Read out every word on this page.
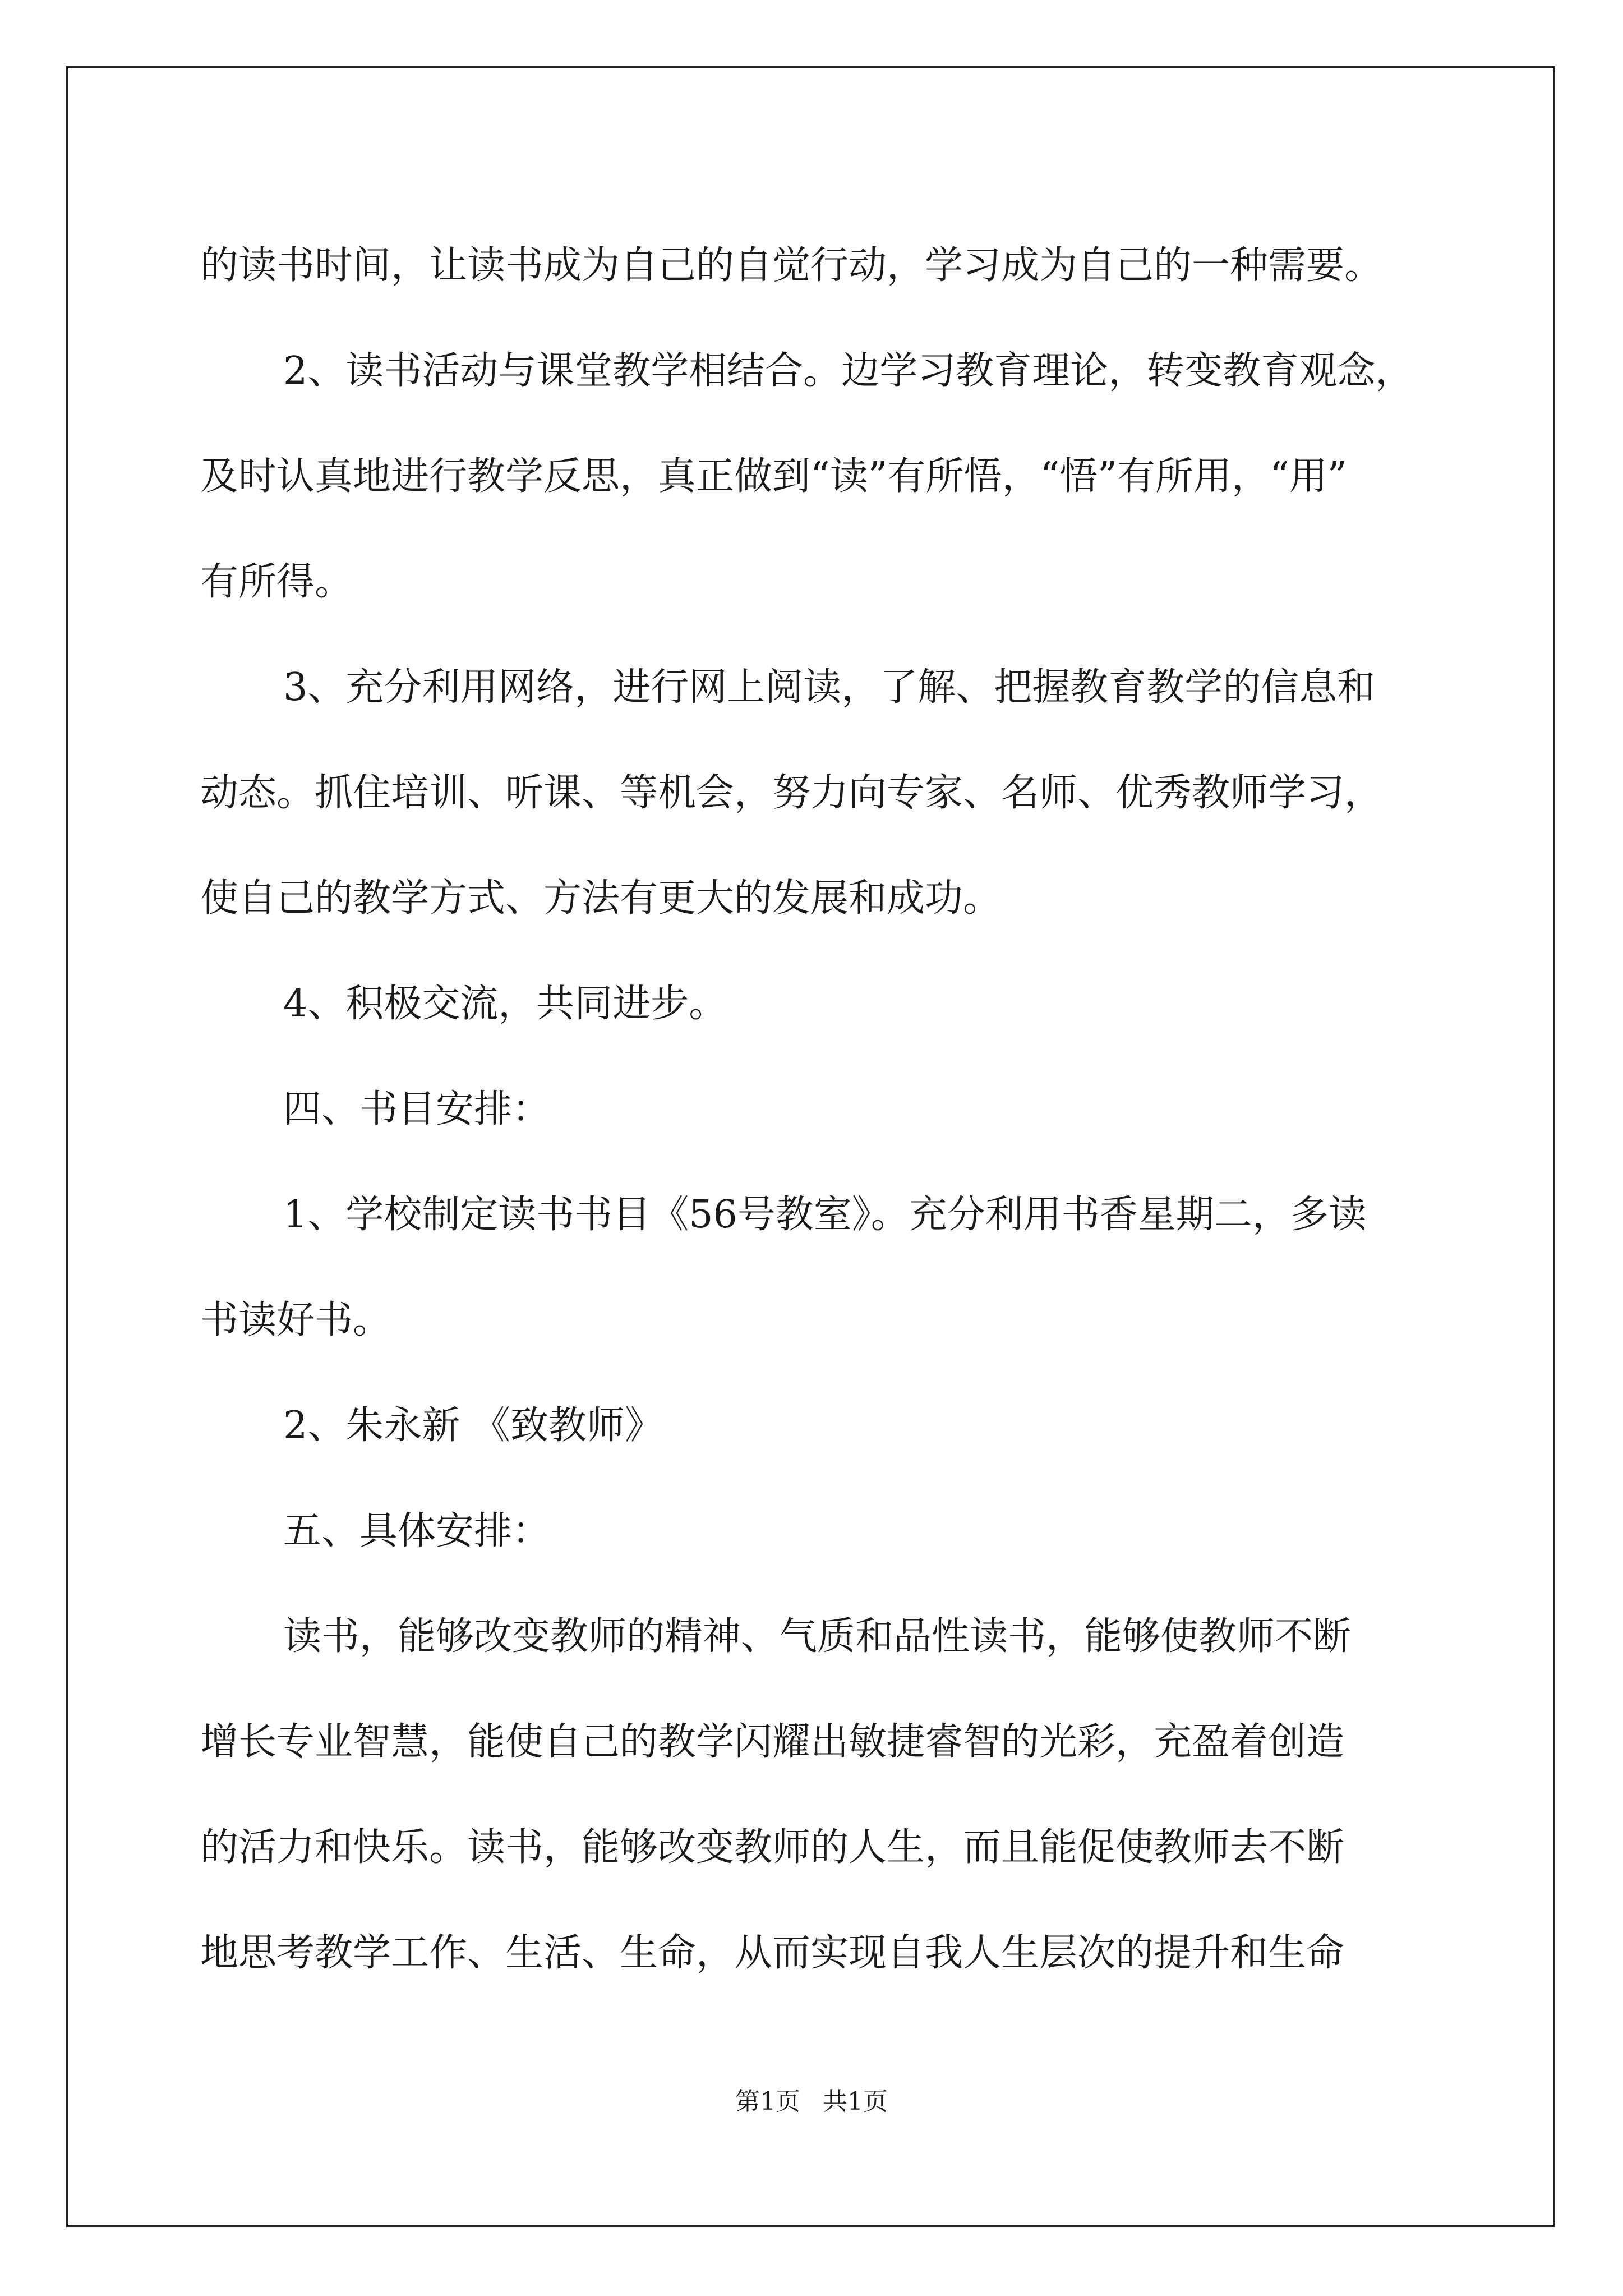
的读书时间，让读书成为自己的自觉行动，学习成为自己的一种需要。
2、读书活动与课堂教学相结合。边学习教育理论，转变教育观念，
及时认真地进行教学反思，真正做到“读”有所悟，“悟”有所用，“用”
有所得。
3、充分利用网络，进行网上阅读，了解、把握教育教学的信息和
动态。抓住培训、听课、等机会，努力向专家、名师、优秀教师学习，
使自己的教学方式、方法有更大的发展和成功。
4、积极交流，共同进步。
四、书目安排：
1、学校制定读书书目《56号教室》。充分利用书香星期二，多读
书读好书。
2、朱永新 《致教师》
五、具体安排：
读书，能够改变教师的精神、气质和品性读书，能够使教师不断
增长专业智慧，能使自己的教学闪耀出敏捷睿智的光彩，充盈着创造
的活力和快乐。读书，能够改变教师的人生，而且能促使教师去不断
地思考教学工作、生活、生命，从而实现自我人生层次的提升和生命
第1页 共1页
